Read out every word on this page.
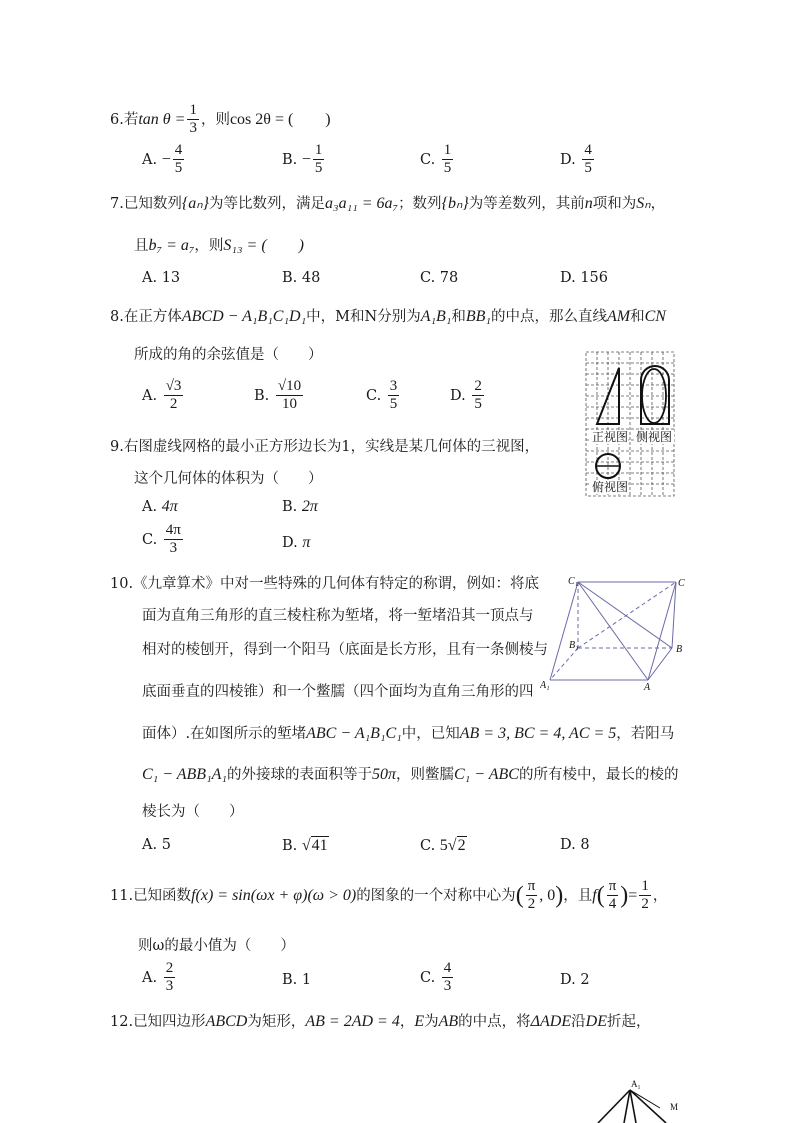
6.若$\tan \theta = \frac{1}{3}$ ，则cos 2θ = (　　)
A. − $\frac{4}{5}$	B. − $\frac{1}{5}$	C. $\frac{1}{5}$	D. $\frac{4}{5}$
7.已知数列{aₙ}为等比数列，满足a₃a₁₁ = 6a₇；数列{bₙ}为等差数列，其前n项和为Sₙ，
且b₇ = a₇，则S₁₃ = (　　)
A. 13	B. 48	C. 78	D. 156
8.在正方体ABCD − A₁B₁C₁D₁中，M和N分别为A₁B₁和BB₁的中点，那么直线AM和CN
所成的角的余弦值是（　　）
A. $\frac{√3}{2}$	B. $\frac{√10}{10}$	C. $\frac{3}{5}$	D. $\frac{2}{5}$
正视图 侧视图
俯视图
9.右图虚线网格的最小正方形边长为1，实线是某几何体的三视图，
这个几何体的体积为（　　）
A. 4π	B. 2π
C. $\frac{4\pi}{3}$	D. π
10.《九章算术》中对一些特殊的几何体有特定的称谓，例如：将底
面为直角三角形的直三棱柱称为堑堵，将一堑堵沿其一顶点与
相对的棱刨开，得到一个阳马（底面是长方形，且有一条侧棱与
底面垂直的四棱锥）和一个鳖臑（四个面均为直角三角形的四
C₁	C
B₁	B
A₁	A
面体）.在如图所示的堑堵ABC − A₁B₁C₁中，已知AB = 3, BC = 4, AC = 5，若阳马
C₁ − ABB₁A₁的外接球的表面积等于50π，则鳖臑C₁ − ABC的所有棱中，最长的棱的
棱长为（　　）
A. 5	B. √41	C. 5√2	D. 8
11.已知函数f(x) = sin(ωx + φ)(ω > 0)的图象的一个对称中心为( $\frac{\pi}{2}$ , 0)，且$f( \frac{\pi}{4}$ )= $\frac{1}{2}$ ，
则ω的最小值为（　　）
A. $\frac{2}{3}$	B. 1	C. $\frac{4}{3}$	D. 2
12.已知四边形ABCD为矩形，AB = 2AD = 4，E为AB的中点，将ΔADE沿DE折起，
A₁
M
